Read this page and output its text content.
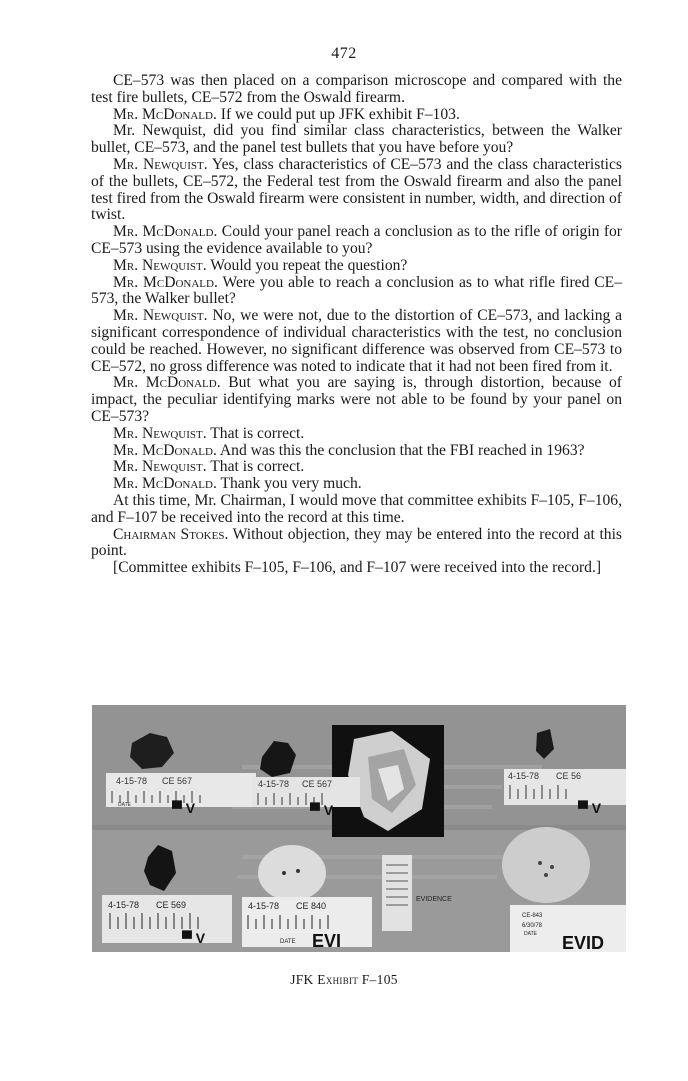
472

CE–573 was then placed on a comparison microscope and compared with the test fire bullets, CE–572 from the Oswald firearm.

Mr. McDonald. If we could put up JFK exhibit F–103.

Mr. Newquist, did you find similar class characteristics, between the Walker bullet, CE–573, and the panel test bullets that you have before you?

Mr. Newquist. Yes, class characteristics of CE–573 and the class characteristics of the bullets, CE–572, the Federal test from the Oswald firearm and also the panel test fired from the Oswald firearm were consistent in number, width, and direction of twist.

Mr. McDonald. Could your panel reach a conclusion as to the rifle of origin for CE–573 using the evidence available to you?

Mr. Newquist. Would you repeat the question?

Mr. McDonald. Were you able to reach a conclusion as to what rifle fired CE–573, the Walker bullet?

Mr. Newquist. No, we were not, due to the distortion of CE–573, and lacking a significant correspondence of individual characteristics with the test, no conclusion could be reached. However, no significant difference was observed from CE–573 to CE–572, no gross difference was noted to indicate that it had not been fired from it.

Mr. McDonald. But what you are saying is, through distortion, because of impact, the peculiar identifying marks were not able to be found by your panel on CE–573?

Mr. Newquist. That is correct.

Mr. McDonald. And was this the conclusion that the FBI reached in 1963?

Mr. Newquist. That is correct.

Mr. McDonald. Thank you very much.

At this time, Mr. Chairman, I would move that committee exhibits F–105, F–106, and F–107 be received into the record at this time.

Chairman Stokes. Without objection, they may be entered into the record at this point.

[Committee exhibits F–105, F–106, and F–107 were received into the record.]

4-15-78 CE 567
DATE	▀ V
4-15-78 CE 567
▀ V
4-15-78 CE 56
▀ V
4-15-78 CE 569
▀ V
4-15-78 CE 840
DATE EVI
EVIDENCE
CE-843
6/30/78
DATE EVID
JFK Exhibit F–105
